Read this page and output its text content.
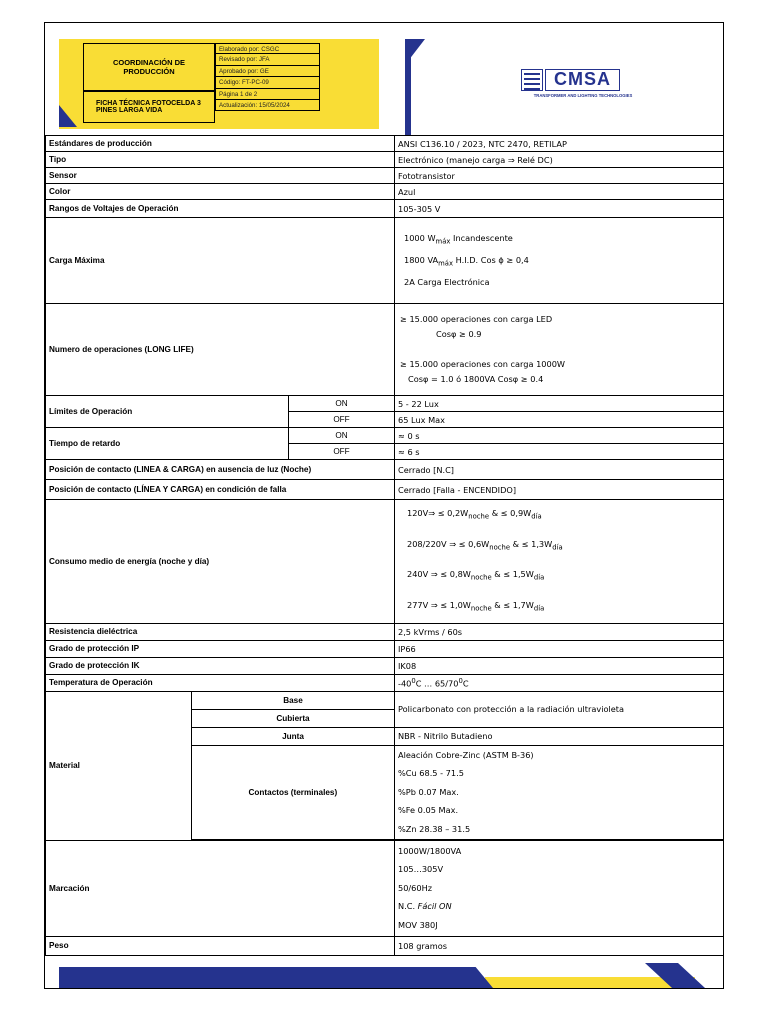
COORDINACIÓN DE PRODUCCIÓN
FICHA TÉCNICA FOTOCELDA 3 PINES LARGA VIDA
Elaborado por: CSGC
Revisado por: JFA
Aprobado por: GE
Código: FT-PC-09
Página 1 de 2
Actualización: 15/05/2024
CMSA
TRANSFORMER AND LIGHTING TECHNOLOGIES
Estándares de producción			ANSI C136.10 / 2023, NTC 2470, RETILAP
Tipo			Electrónico (manejo carga ⇒ Relé DC)
Sensor			Fototransistor
Color			Azul
Rangos de Voltajes de Operación			105-305 V
Carga Máxima			1000 $W_{máx}$ Incandescente
1800 $VA_{máx}$ H.I.D. Cos ϕ ≥ 0,4
2A Carga Electrónica

Numero de operaciones (LONG LIFE)			≥ 15.000 operaciones con carga LED
Cosφ ≥ 0.9

≥ 15.000 operaciones con carga 1000W
Cosφ = 1.0 ó 1800VA Cosφ ≥ 0.4

Límites de Operación		ON	5 - 22 Lux
		OFF	65 Lux Max
Tiempo de retardo		ON	≈ 0 s
		OFF	≈ 6 s
Posición de contacto (LINEA & CARGA) en ausencia de luz (Noche)			Cerrado [N.C]
Posición de contacto (LÍNEA Y CARGA) en condición de falla			Cerrado [Falla - ENCENDIDO]
Consumo medio de energía (noche y día)			120V⇒ ≤ $0,2W_{noche}$ & ≤ $0,9W_{día}$
208/220V ⇒ ≤ $0,6W_{noche}$ & ≤ $1,3W_{día}$
240V ⇒ ≤ $0,8W_{noche}$ & ≤ $1,5W_{día}$
277V ⇒ ≤ $1,0W_{noche}$ & ≤ $1,7W_{día}$

Resistencia dieléctrica			2,5 kVrms / 60s
Grado de protección IP			IP66
Grado de protección IK			IK08
Temperatura de Operación			$-40^0C$ … $65/70^0C$
Material	Base		Policarbonato con protección a la radiación ultravioleta
	Cubierta		
	Junta		NBR - Nitrilo Butadieno
		Contactos (terminales)	Aleación Cobre-Zinc (ASTM B-36)
%Cu 68.5 - 71.5
%Pb 0.07 Max.
%Fe 0.05 Max.
%Zn 28.38 – 31.5

Marcación			1000W/1800VA
105…305V
50/60Hz
N.C. Fácil ON
MOV 380J

Peso			108 gramos
